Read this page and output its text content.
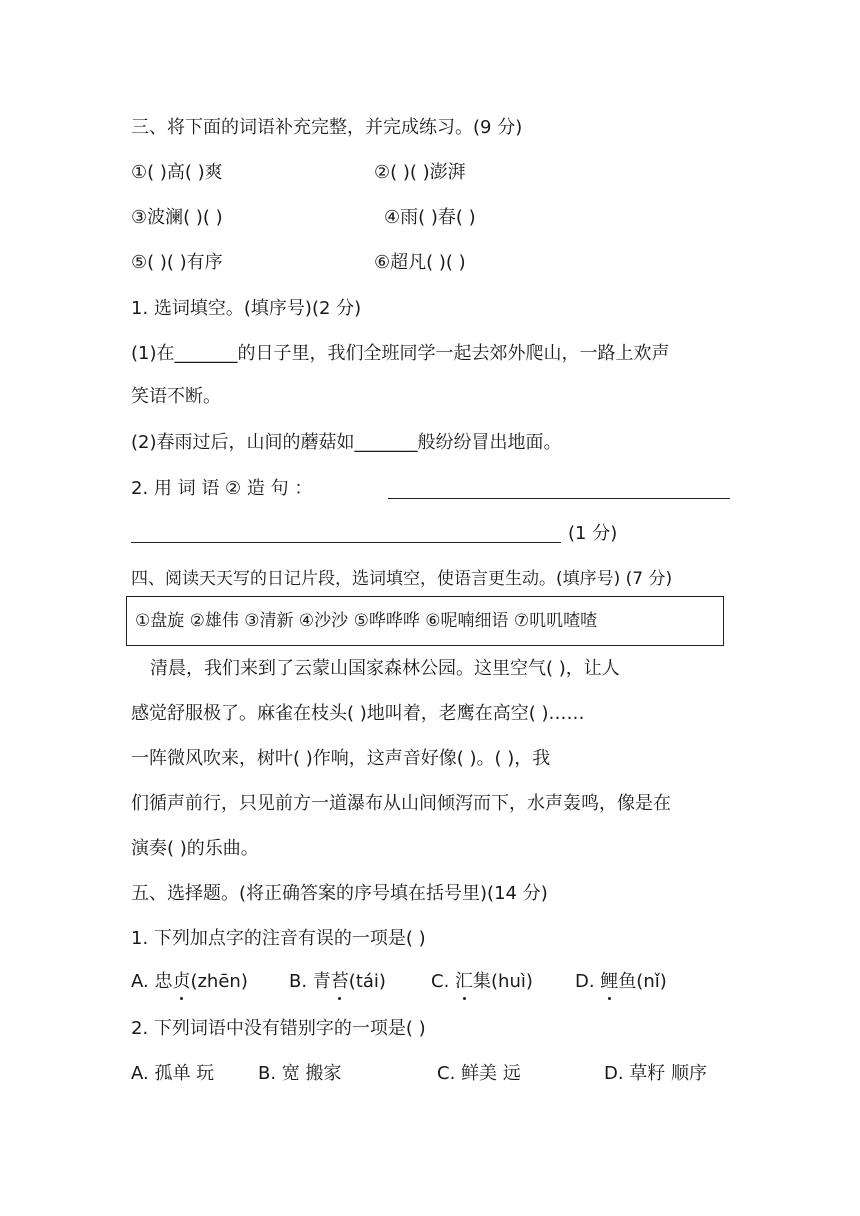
三、将下面的词语补充完整，并完成练习。(9 分)
①( )高( )爽	②( )( )澎湃
③波澜( )( )	④雨( )春( )
⑤( )( )有序	⑥超凡( )( )
1. 选词填空。(填序号)(2 分)
(1)在_______的日子里，我们全班同学一起去郊外爬山，一路上欢声
笑语不断。
(2)春雨过后，山间的蘑菇如_______般纷纷冒出地面。
2. 用 词 语 ② 造 句 ：
(1 分)
四、阅读天天写的日记片段，选词填空，使语言更生动。(填序号) (7 分)
①盘旋 ②雄伟 ③清新 ④沙沙 ⑤哗哗哗 ⑥呢喃细语 ⑦叽叽喳喳
清晨，我们来到了云蒙山国家森林公园。这里空气( )，让人
感觉舒服极了。麻雀在枝头( )地叫着，老鹰在高空( )……
一阵微风吹来，树叶( )作响，这声音好像( )。( )，我
们循声前行，只见前方一道瀑布从山间倾泻而下，水声轰鸣，像是在
演奏( )的乐曲。
五、选择题。(将正确答案的序号填在括号里)(14 分)
1. 下列加点字的注音有误的一项是( )
A. 忠贞(zhēn) B. 青苔(tái)	C. 汇集(huì) D. 鲤鱼(nǐ)
2. 下列词语中没有错别字的一项是( )
A. 孤单 玩 B. 宽 搬家	C. 鲜美 远	D. 草籽 顺序
